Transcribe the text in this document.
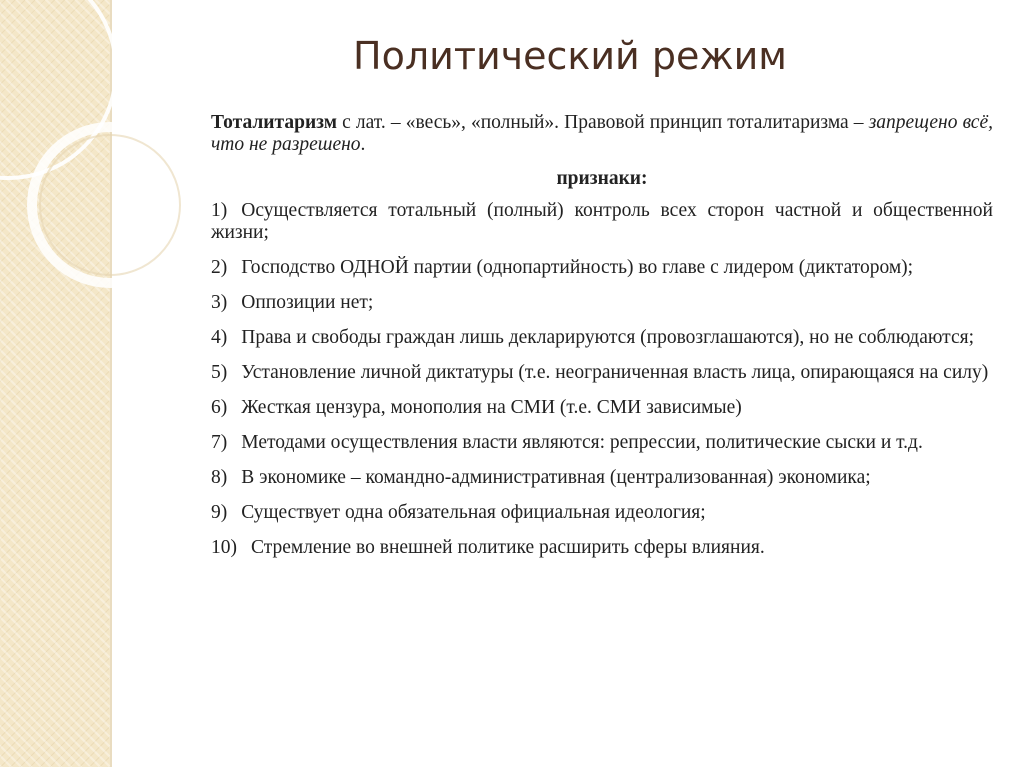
Политический режим

Тоталитаризм с лат. – «весь», «полный». Правовой принцип тоталитаризма – запрещено всё, что не разрешено.

признаки:

1) Осуществляется тотальный (полный) контроль всех сторон частной и общественной жизни;
2) Господство ОДНОЙ партии (однопартийность) во главе с лидером (диктатором);
3) Оппозиции нет;
4) Права и свободы граждан лишь декларируются (провозглашаются), но не соблюдаются;
5) Установление личной диктатуры (т.е. неограниченная власть лица, опирающаяся на силу)
6) Жесткая цензура, монополия на СМИ (т.е. СМИ зависимые)
7) Методами осуществления власти являются: репрессии, политические сыски и т.д.
8) В экономике – командно-административная (централизованная) экономика;
9) Существует одна обязательная официальная идеология;
10) Стремление во внешней политике расширить сферы влияния.
